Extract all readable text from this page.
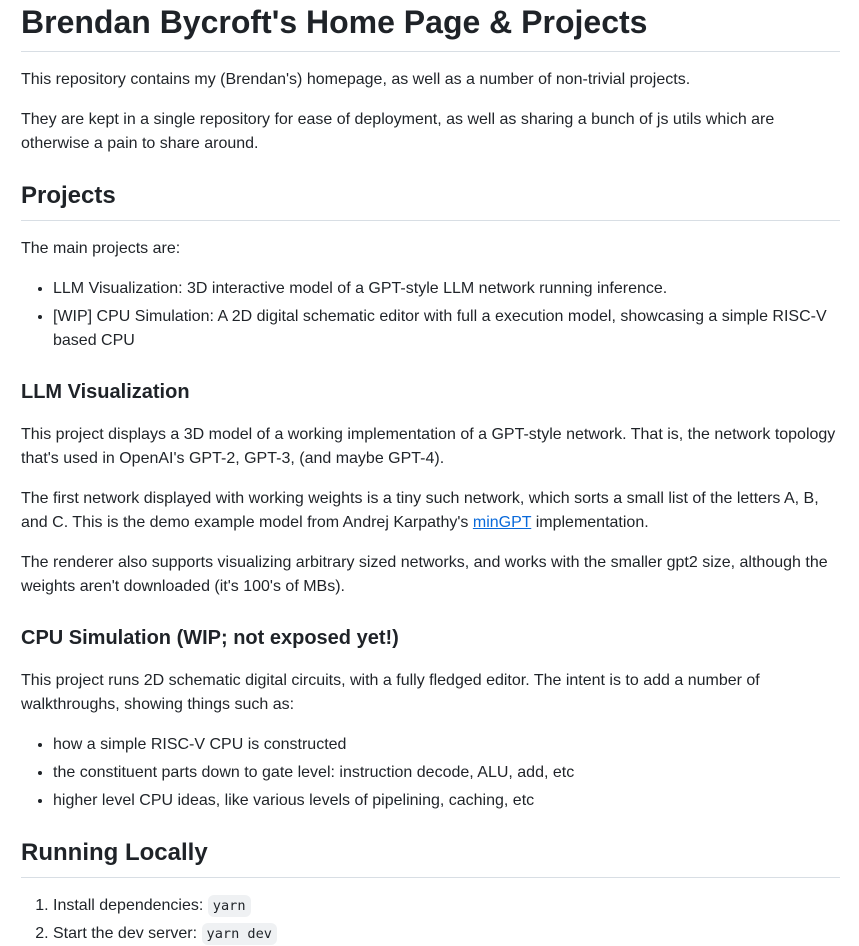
Brendan Bycroft's Home Page & Projects

This repository contains my (Brendan's) homepage, as well as a number of non-trivial projects.

They are kept in a single repository for ease of deployment, as well as sharing a bunch of js utils which are otherwise a pain to share around.

Projects

The main projects are:

• LLM Visualization: 3D interactive model of a GPT-style LLM network running inference.
• [WIP] CPU Simulation: A 2D digital schematic editor with full a execution model, showcasing a simple RISC-V based CPU
LLM Visualization

This project displays a 3D model of a working implementation of a GPT-style network. That is, the network topology that's used in OpenAI's GPT-2, GPT-3, (and maybe GPT-4).

The first network displayed with working weights is a tiny such network, which sorts a small list of the letters A, B, and C. This is the demo example model from Andrej Karpathy's minGPT implementation.

The renderer also supports visualizing arbitrary sized networks, and works with the smaller gpt2 size, although the weights aren't downloaded (it's 100's of MBs).

CPU Simulation (WIP; not exposed yet!)

This project runs 2D schematic digital circuits, with a fully fledged editor. The intent is to add a number of walkthroughs, showing things such as:

• how a simple RISC-V CPU is constructed
• the constituent parts down to gate level: instruction decode, ALU, add, etc
• higher level CPU ideas, like various levels of pipelining, caching, etc
Running Locally
1. Install dependencies: yarn
2. Start the dev server: yarn dev
